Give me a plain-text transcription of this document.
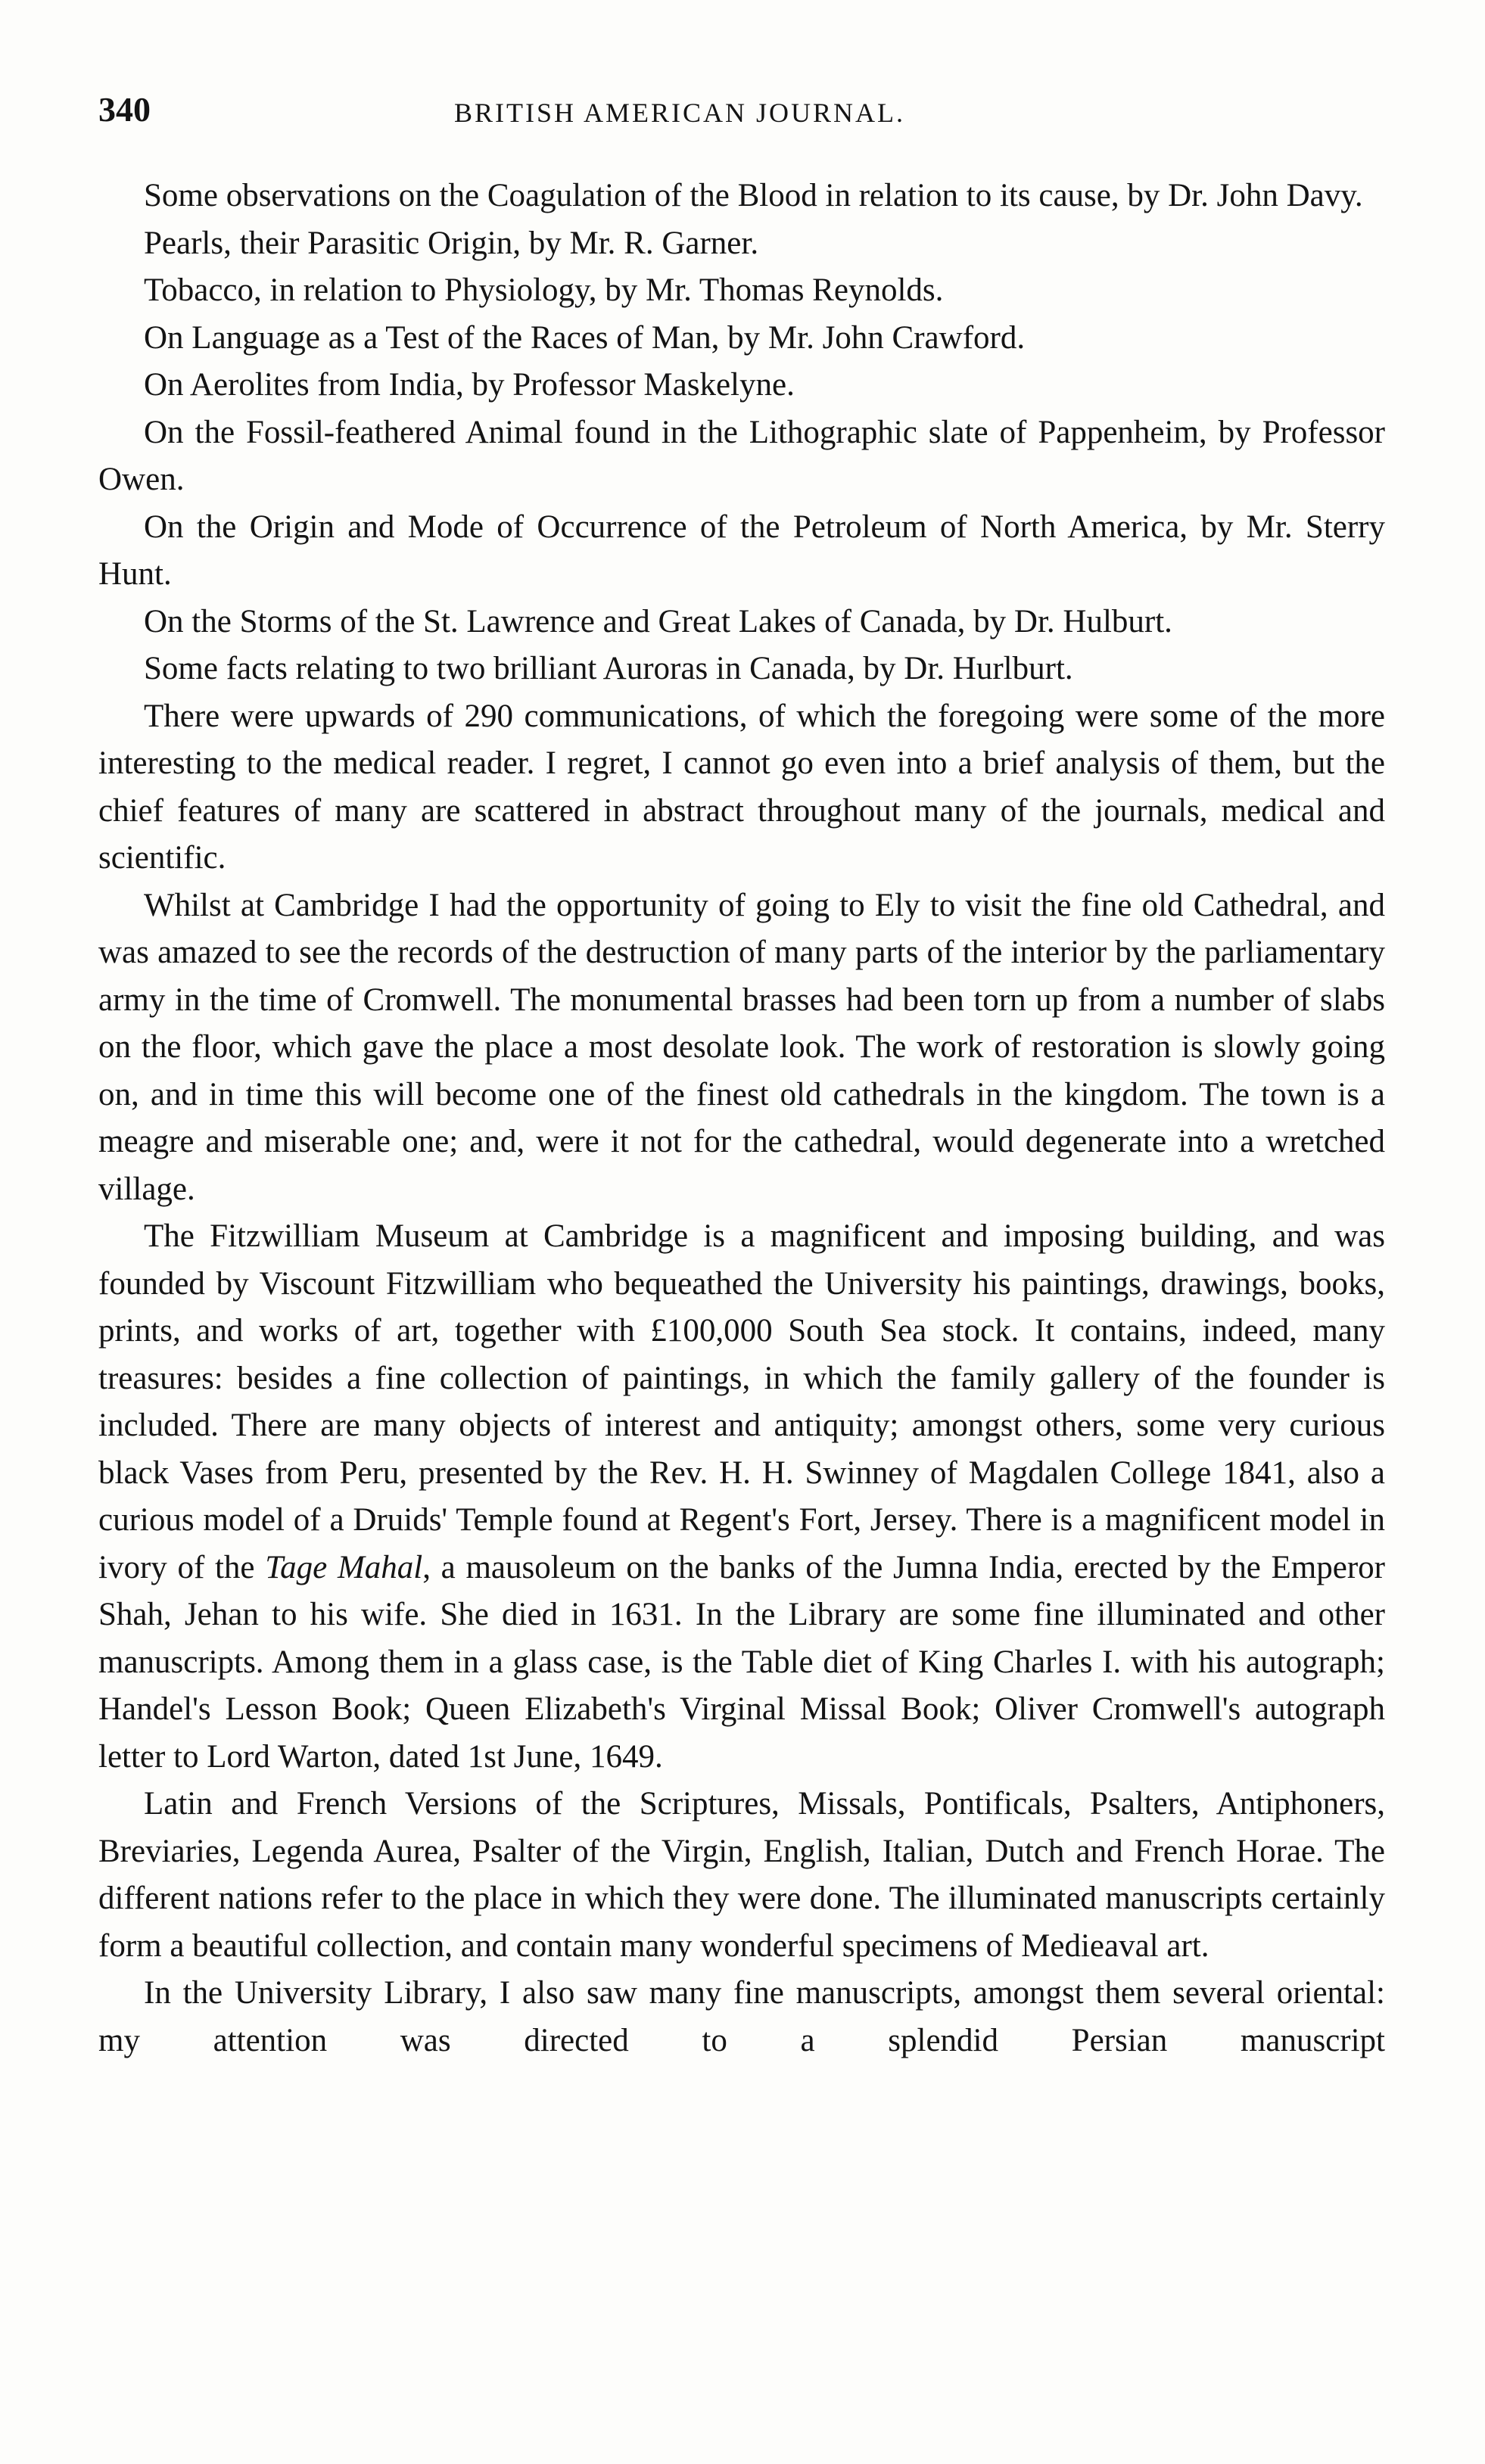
340	BRITISH AMERICAN JOURNAL.

Some observations on the Coagulation of the Blood in relation to its cause, by Dr. John Davy.

Pearls, their Parasitic Origin, by Mr. R. Garner.

Tobacco, in relation to Physiology, by Mr. Thomas Reynolds.

On Language as a Test of the Races of Man, by Mr. John Crawford.

On Aerolites from India, by Professor Maskelyne.

On the Fossil-feathered Animal found in the Lithographic slate of Pappenheim, by Professor Owen.

On the Origin and Mode of Occurrence of the Petroleum of North America, by Mr. Sterry Hunt.

On the Storms of the St. Lawrence and Great Lakes of Canada, by Dr. Hulburt.

Some facts relating to two brilliant Auroras in Canada, by Dr. Hurlburt.

There were upwards of 290 communications, of which the foregoing were some of the more interesting to the medical reader. I regret, I cannot go even into a brief analysis of them, but the chief features of many are scattered in abstract throughout many of the journals, medical and scientific.

Whilst at Cambridge I had the opportunity of going to Ely to visit the fine old Cathedral, and was amazed to see the records of the destruction of many parts of the interior by the parliamentary army in the time of Cromwell. The monumental brasses had been torn up from a number of slabs on the floor, which gave the place a most desolate look. The work of restoration is slowly going on, and in time this will become one of the finest old cathedrals in the kingdom. The town is a meagre and miserable one; and, were it not for the cathedral, would degenerate into a wretched village.

The Fitzwilliam Museum at Cambridge is a magnificent and imposing building, and was founded by Viscount Fitzwilliam who bequeathed the University his paintings, drawings, books, prints, and works of art, together with £100,000 South Sea stock. It contains, indeed, many treasures: besides a fine collection of paintings, in which the family gallery of the founder is included. There are many objects of interest and antiquity; amongst others, some very curious black Vases from Peru, presented by the Rev. H. H. Swinney of Magdalen College 1841, also a curious model of a Druids' Temple found at Regent's Fort, Jersey. There is a magnificent model in ivory of the Tage Mahal, a mausoleum on the banks of the Jumna India, erected by the Emperor Shah, Jehan to his wife. She died in 1631. In the Library are some fine illuminated and other manuscripts. Among them in a glass case, is the Table diet of King Charles I. with his autograph; Handel's Lesson Book; Queen Elizabeth's Virginal Missal Book; Oliver Cromwell's autograph letter to Lord Warton, dated 1st June, 1649.

Latin and French Versions of the Scriptures, Missals, Pontificals, Psalters, Antiphoners, Breviaries, Legenda Aurea, Psalter of the Virgin, English, Italian, Dutch and French Horae. The different nations refer to the place in which they were done. The illuminated manuscripts certainly form a beautiful collection, and contain many wonderful specimens of Medieaval art.

In the University Library, I also saw many fine manuscripts, amongst them several oriental: my attention was directed to a splendid Persian manuscript
